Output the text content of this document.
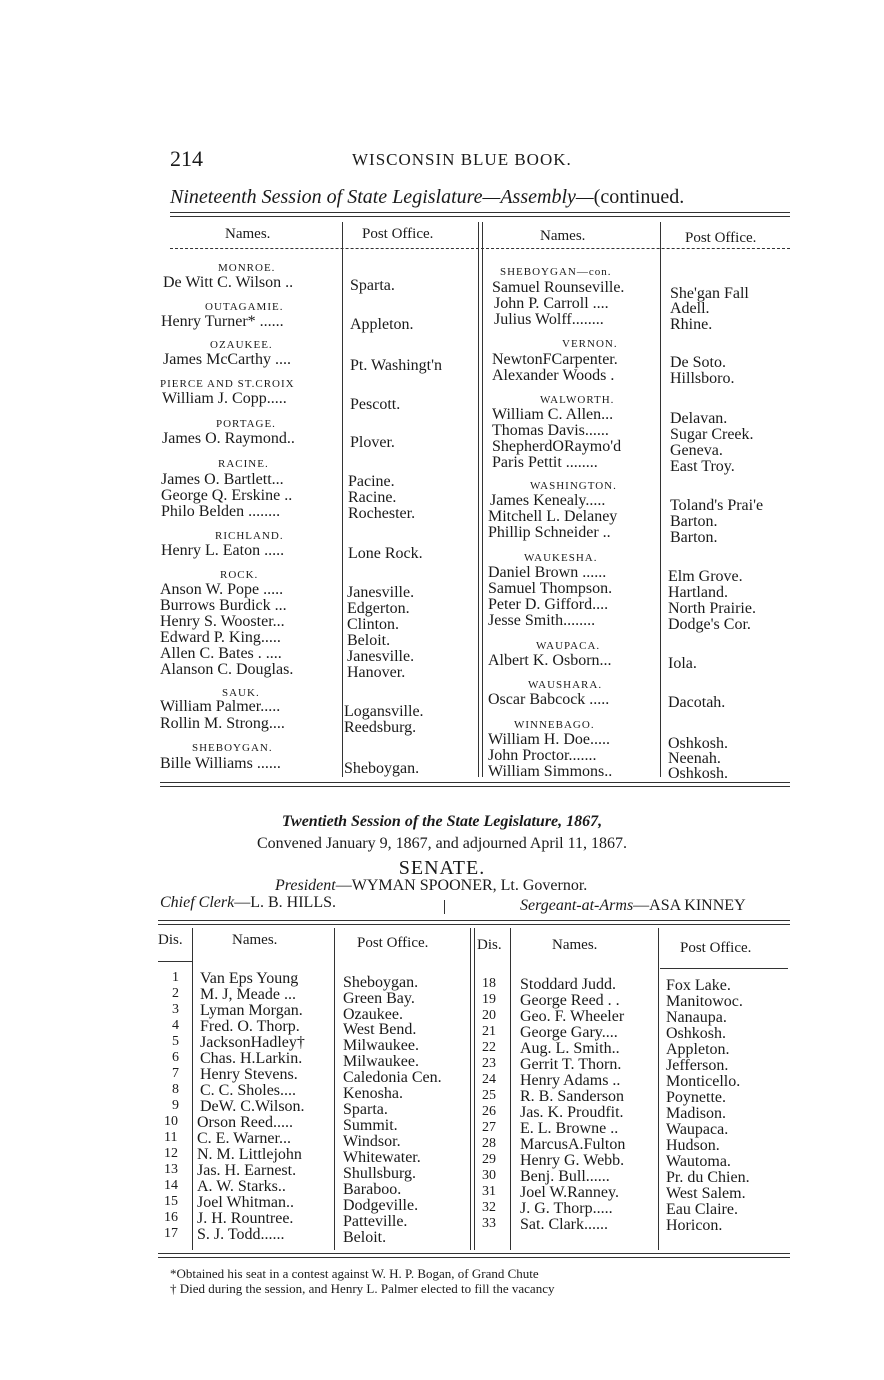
214	WISCONSIN BLUE BOOK.
Nineteenth Session of State Legislature—Assembly—(continued.
Names.	Post Office.	Names.	Post Office.
MONROE.
De Witt C. Wilson ..	Sparta.
OUTAGAMIE.
Henry Turner* ......	Appleton.
OZAUKEE.
James McCarthy ....	Pt. Washingt'n
PIERCE AND ST.CROIX
William J. Copp.....	Pescott.
PORTAGE.
James O. Raymond..	Plover.
RACINE.
James O. Bartlett...	Pacine.
George Q. Erskine ..	Racine.
Philo Belden ........	Rochester.
RICHLAND.
Henry L. Eaton .....	Lone Rock.
ROCK.
Anson W. Pope .....	Janesville.
Burrows Burdick ...	Edgerton.
Henry S. Wooster...	Clinton.
Edward P. King.....	Beloit.
Allen C. Bates . ....	Janesville.
Alanson C. Douglas.	Hanover.
SAUK.
William Palmer.....	Logansville.
Rollin M. Strong....	Reedsburg.
SHEBOYGAN.
Bille Williams ......	Sheboygan.
SHEBOYGAN—con.
Samuel Rounseville.	She'gan Fall
John P. Carroll ....	Adell.
Julius Wolff........	Rhine.
VERNON.
NewtonFCarpenter.	De Soto.
Alexander Woods .	Hillsboro.
WALWORTH.
William C. Allen...	Delavan.
Thomas Davis......	Sugar Creek.
ShepherdORaymo'd	Geneva.
Paris Pettit ........	East Troy.
WASHINGTON.
James Kenealy.....	Toland's Prai'e
Mitchell L. Delaney	Barton.
Phillip Schneider ..	Barton.
WAUKESHA.
Daniel Brown ......	Elm Grove.
Samuel Thompson.	Hartland.
Peter D. Gifford....	North Prairie.
Jesse Smith........	Dodge's Cor.
WAUPACA.
Albert K. Osborn...	Iola.
WAUSHARA.
Oscar Babcock .....	Dacotah.
WINNEBAGO.
William H. Doe.....	Oshkosh.
John Proctor.......	Neenah.
William Simmons..	Oshkosh.
Twentieth Session of the State Legislature, 1867,
Convened January 9, 1867, and adjourned April 11, 1867.
SENATE.
President—WYMAN SPOONER, Lt. Governor.
Chief Clerk—L. B. HILLS.	Sergeant-at-Arms—ASA KINNEY
Dis.	Names.	Post Office.	Dis.	Names.	Post Office.
1 Van Eps Young	Sheboygan.
2 M. J, Meade ...	Green Bay.
3 Lyman Morgan.	Ozaukee.
4 Fred. O. Thorp.	West Bend.
5 JacksonHadley† Milwaukee.
6 Chas. H.Larkin.	Milwaukee.
7 Henry Stevens.	Caledonia Cen.
8 C. C. Sholes....	Kenosha.
9 DeW. C.Wilson. Sparta.
10 Orson Reed.....	Summit.
11 C. E. Warner...	Windsor.
12 N. M. Littlejohn	Whitewater.
13 Jas. H. Earnest.	Shullsburg.
14 A. W. Starks..	Baraboo.
15 Joel Whitman..	Dodgeville.
16 J. H. Rountree.	Patteville.
17 S. J. Todd......	Beloit.
18 Stoddard Judd.	Fox Lake.
19 George Reed . .	Manitowoc.
20 Geo. F. Wheeler	Nanaupa.
21 George Gary....	Oshkosh.
22 Aug. L. Smith..	Appleton.
23 Gerrit T. Thorn.	Jefferson.
24 Henry Adams ..	Monticello.
25 R. B. Sanderson	Poynette.
26 Jas. K. Proudfit.	Madison.
27 E. L. Browne ..	Waupaca.
28 MarcusA.Fulton	Hudson.
29 Henry G. Webb.	Wautoma.
30 Benj. Bull......	Pr. du Chien.
31 Joel W.Ranney.	West Salem.
32 J. G. Thorp.....	Eau Claire.
33 Sat. Clark......	Horicon.
*Obtained his seat in a contest against W. H. P. Bogan, of Grand Chute
† Died during the session, and Henry L. Palmer elected to fill the vacancy
